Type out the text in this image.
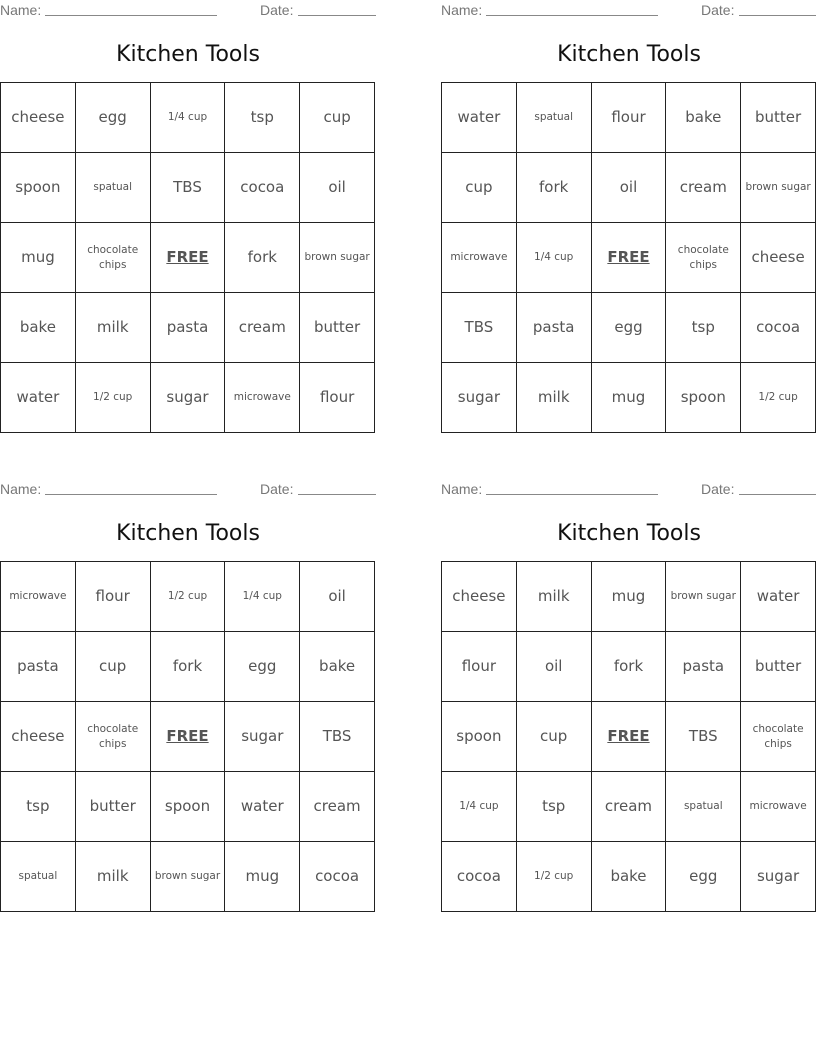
Name:	Date:
Kitchen Tools
cheese	egg	1/4 cup	tsp	cup
spoon	spatual	TBS	cocoa	oil
mug	chocolate chips	FREE	fork	brown sugar
bake	milk	pasta	cream	butter
water	1/2 cup	sugar	microwave	flour
Name:	Date:
Kitchen Tools
water	spatual	flour	bake	butter
cup	fork	oil	cream	brown sugar
microwave	1/4 cup	FREE	chocolate chips	cheese
TBS	pasta	egg	tsp	cocoa
sugar	milk	mug	spoon	1/2 cup
Name:	Date:
Kitchen Tools
microwave	flour	1/2 cup	1/4 cup	oil
pasta	cup	fork	egg	bake
cheese	chocolate chips	FREE	sugar	TBS
tsp	butter	spoon	water	cream
spatual	milk	brown sugar	mug	cocoa
Name:	Date:
Kitchen Tools
cheese	milk	mug	brown sugar	water
flour	oil	fork	pasta	butter
spoon	cup	FREE	TBS	chocolate chips
1/4 cup	tsp	cream	spatual	microwave
cocoa	1/2 cup	bake	egg	sugar
